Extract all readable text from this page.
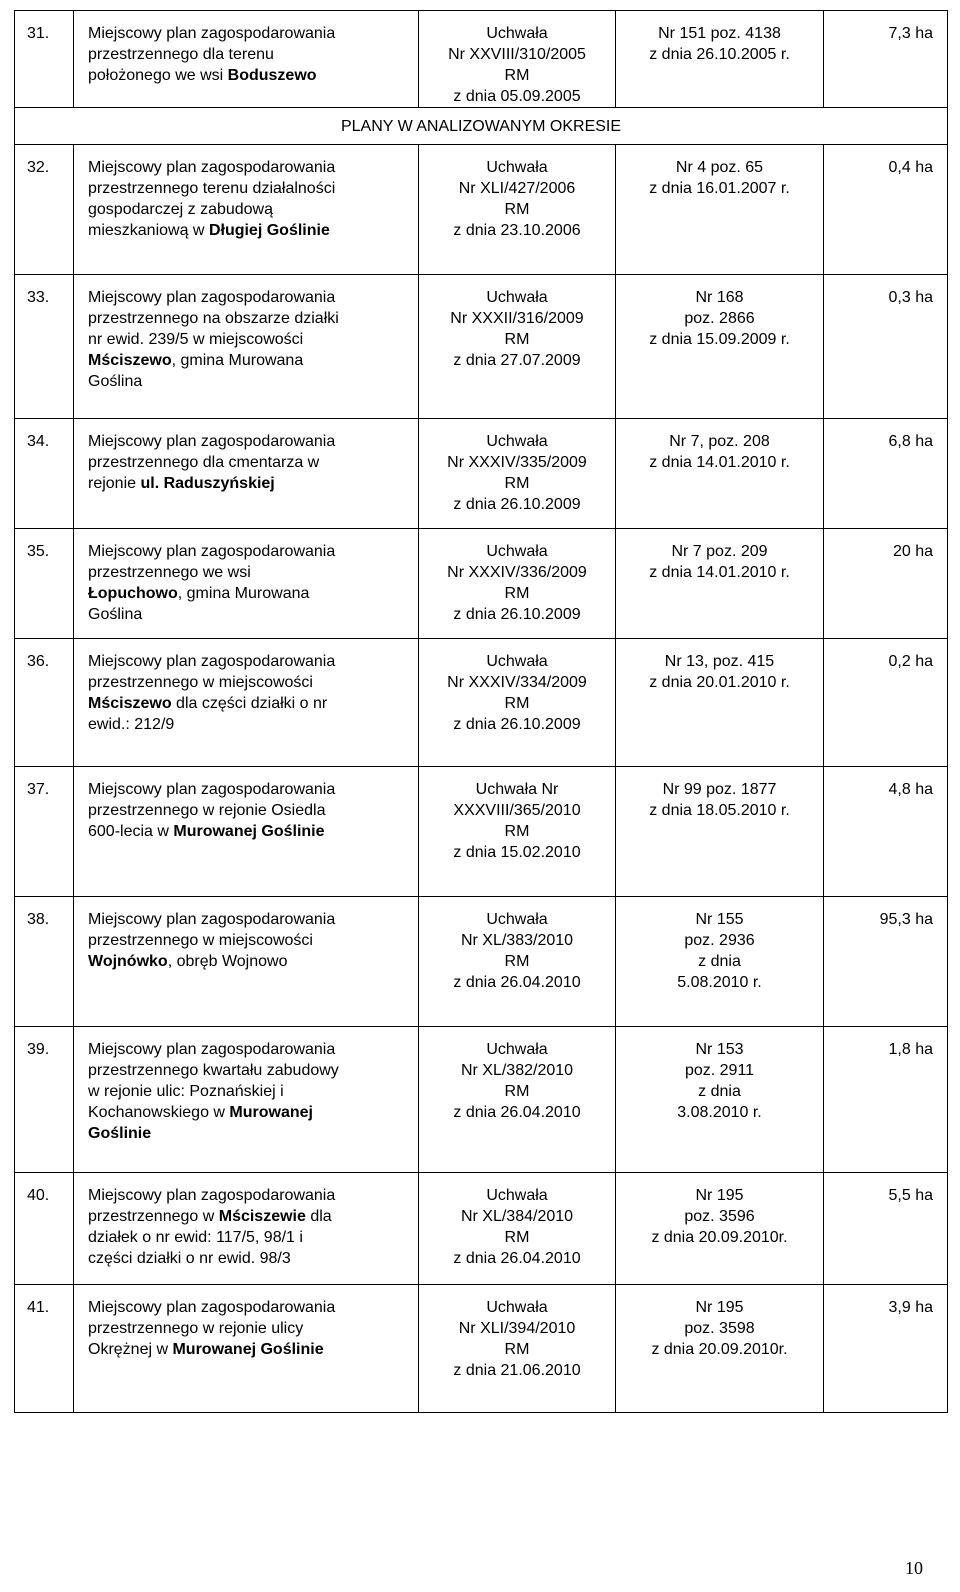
31.	Miejscowy plan zagospodarowania
przestrzennego dla terenu
położonego we wsi Boduszewo	Uchwała
Nr XXVIII/310/2005
RM
z dnia 05.09.2005	Nr 151 poz. 4138
z dnia 26.10.2005 r.	7,3 ha
PLANY W ANALIZOWANYM OKRESIE				
32.	Miejscowy plan zagospodarowania
przestrzennego terenu działalności
gospodarczej z zabudową
mieszkaniową w Długiej Goślinie	Uchwała
Nr XLI/427/2006
RM
z dnia 23.10.2006	Nr 4 poz. 65
z dnia 16.01.2007 r.	0,4 ha
33.	Miejscowy plan zagospodarowania
przestrzennego na obszarze działki
nr ewid. 239/5 w miejscowości
Mściszewo, gmina Murowana
Goślina	Uchwała
Nr XXXII/316/2009
RM
z dnia 27.07.2009	Nr 168
poz. 2866
z dnia 15.09.2009 r.	0,3 ha
34.	Miejscowy plan zagospodarowania
przestrzennego dla cmentarza w
rejonie ul. Raduszyńskiej	Uchwała
Nr XXXIV/335/2009
RM
z dnia 26.10.2009	Nr 7, poz. 208
z dnia 14.01.2010 r.	6,8 ha
35.	Miejscowy plan zagospodarowania
przestrzennego we wsi
Łopuchowo, gmina Murowana
Goślina	Uchwała
Nr XXXIV/336/2009
RM
z dnia 26.10.2009	Nr 7 poz. 209
z dnia 14.01.2010 r.	20 ha
36.	Miejscowy plan zagospodarowania
przestrzennego w miejscowości
Mściszewo dla części działki o nr
ewid.: 212/9	Uchwała
Nr XXXIV/334/2009
RM
z dnia 26.10.2009	Nr 13, poz. 415
z dnia 20.01.2010 r.	0,2 ha
37.	Miejscowy plan zagospodarowania
przestrzennego w rejonie Osiedla
600-lecia w Murowanej Goślinie	Uchwała Nr
XXXVIII/365/2010
RM
z dnia 15.02.2010	Nr 99 poz. 1877
z dnia 18.05.2010 r.	4,8 ha
38.	Miejscowy plan zagospodarowania
przestrzennego w miejscowości
Wojnówko, obręb Wojnowo	Uchwała
Nr XL/383/2010
RM
z dnia 26.04.2010	Nr 155
poz. 2936
z dnia
5.08.2010 r.	95,3 ha
39.	Miejscowy plan zagospodarowania
przestrzennego kwartału zabudowy
w rejonie ulic: Poznańskiej i
Kochanowskiego w Murowanej
Goślinie	Uchwała
Nr XL/382/2010
RM
z dnia 26.04.2010	Nr 153
poz. 2911
z dnia
3.08.2010 r.	1,8 ha
40.	Miejscowy plan zagospodarowania
przestrzennego w Mściszewie dla
działek o nr ewid: 117/5, 98/1 i
części działki o nr ewid. 98/3	Uchwała
Nr XL/384/2010
RM
z dnia 26.04.2010	Nr 195
poz. 3596
z dnia 20.09.2010r.	5,5 ha
41.	Miejscowy plan zagospodarowania
przestrzennego w rejonie ulicy
Okrężnej w Murowanej Goślinie	Uchwała
Nr XLI/394/2010
RM
z dnia 21.06.2010	Nr 195
poz. 3598
z dnia 20.09.2010r.	3,9 ha
10
